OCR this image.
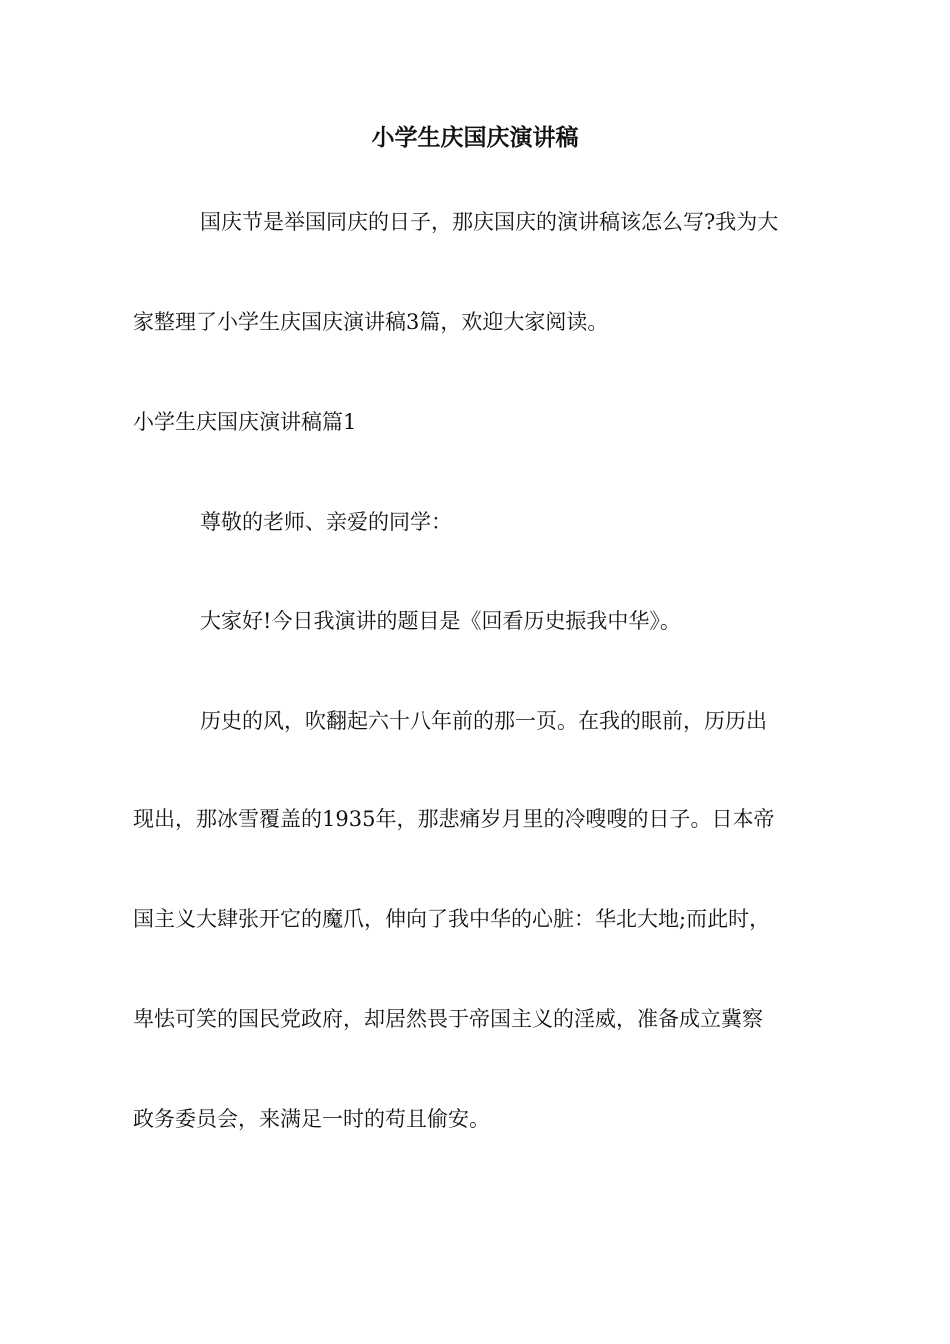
小学生庆国庆演讲稿

国庆节是举国同庆的日子，那庆国庆的演讲稿该怎么写?我为大

家整理了小学生庆国庆演讲稿3篇，欢迎大家阅读。

小学生庆国庆演讲稿篇1

尊敬的老师、亲爱的同学：

大家好!今日我演讲的题目是《回看历史振我中华》。

历史的风，吹翻起六十八年前的那一页。在我的眼前，历历出

现出，那冰雪覆盖的1935年，那悲痛岁月里的冷嗖嗖的日子。日本帝

国主义大肆张开它的魔爪，伸向了我中华的心脏：华北大地;而此时，

卑怯可笑的国民党政府，却居然畏于帝国主义的淫威，准备成立冀察

政务委员会，来满足一时的苟且偷安。
